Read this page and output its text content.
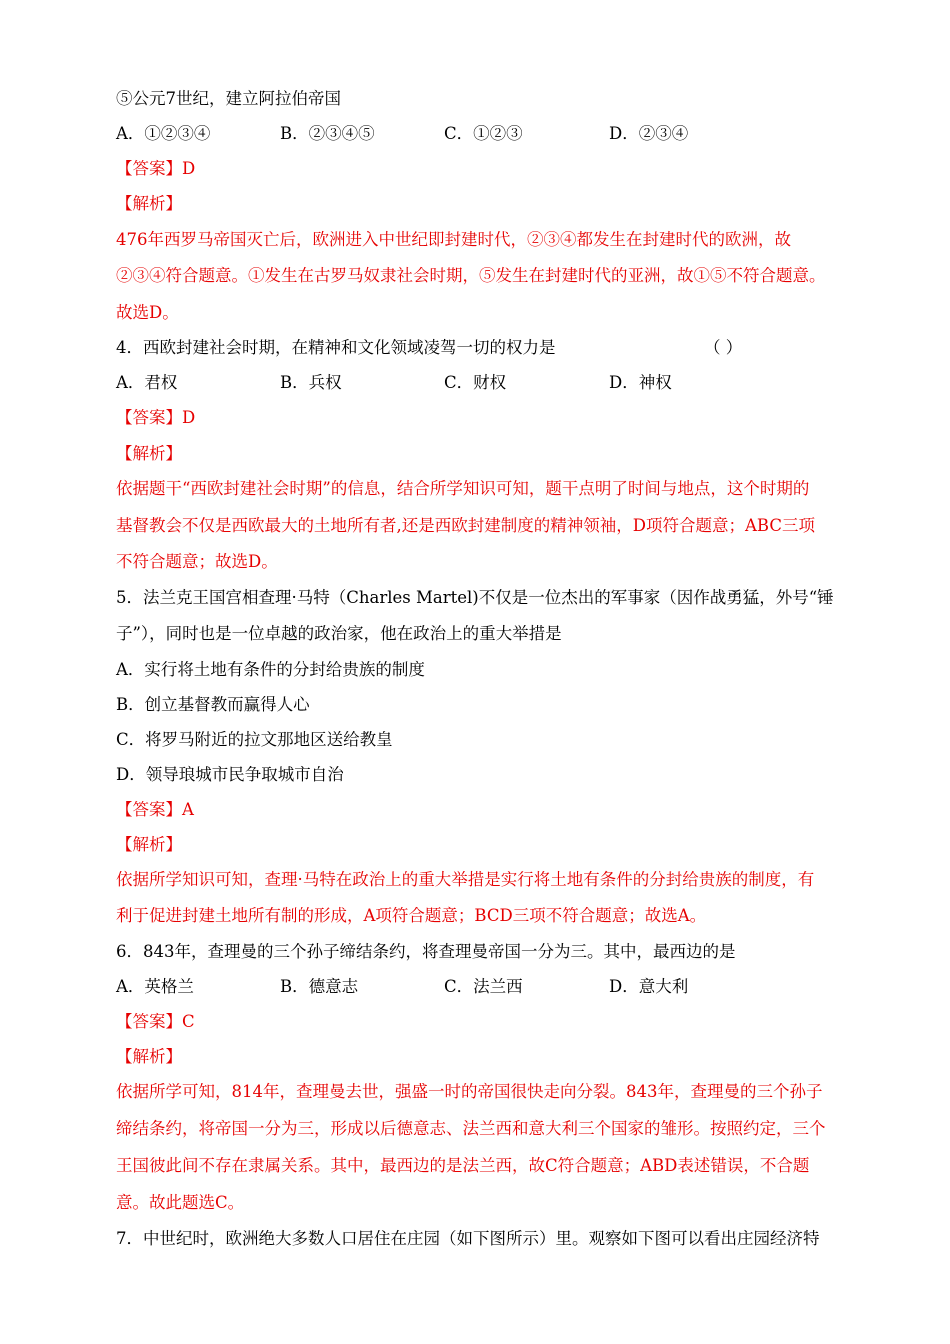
⑤公元7世纪，建立阿拉伯帝国
A．①②③④	B．②③④⑤	C．①②③	D．②③④
【答案】D
【解析】
476年西罗马帝国灭亡后，欧洲进入中世纪即封建时代，②③④都发生在封建时代的欧洲，故
②③④符合题意。①发生在古罗马奴隶社会时期，⑤发生在封建时代的亚洲，故①⑤不符合题意。
故选D。
4．西欧封建社会时期，在精神和文化领域凌驾一切的权力是	（ ）
A．君权	B．兵权	C．财权	D．神权
【答案】D
【解析】
依据题干“西欧封建社会时期”的信息，结合所学知识可知，题干点明了时间与地点，这个时期的
基督教会不仅是西欧最大的土地所有者,还是西欧封建制度的精神领袖，D项符合题意；ABC三项
不符合题意；故选D。
5．法兰克王国宫相查理·马特（Charles Martel)不仅是一位杰出的军事家（因作战勇猛，外号“锤
子”），同时也是一位卓越的政治家，他在政治上的重大举措是
A．实行将土地有条件的分封给贵族的制度
B．创立基督教而赢得人心
C．将罗马附近的拉文那地区送给教皇
D．领导琅城市民争取城市自治
【答案】A
【解析】
依据所学知识可知，查理·马特在政治上的重大举措是实行将土地有条件的分封给贵族的制度，有
利于促进封建土地所有制的形成，A项符合题意；BCD三项不符合题意；故选A。
6．843年，查理曼的三个孙子缔结条约，将查理曼帝国一分为三。其中，最西边的是
A．英格兰	B．德意志	C．法兰西	D．意大利
【答案】C
【解析】
依据所学可知，814年，查理曼去世，强盛一时的帝国很快走向分裂。843年，查理曼的三个孙子
缔结条约，将帝国一分为三，形成以后德意志、法兰西和意大利三个国家的雏形。按照约定，三个
王国彼此间不存在隶属关系。其中，最西边的是法兰西，故C符合题意；ABD表述错误，不合题
意。故此题选C。
7．中世纪时，欧洲绝大多数人口居住在庄园（如下图所示）里。观察如下图可以看出庄园经济特
